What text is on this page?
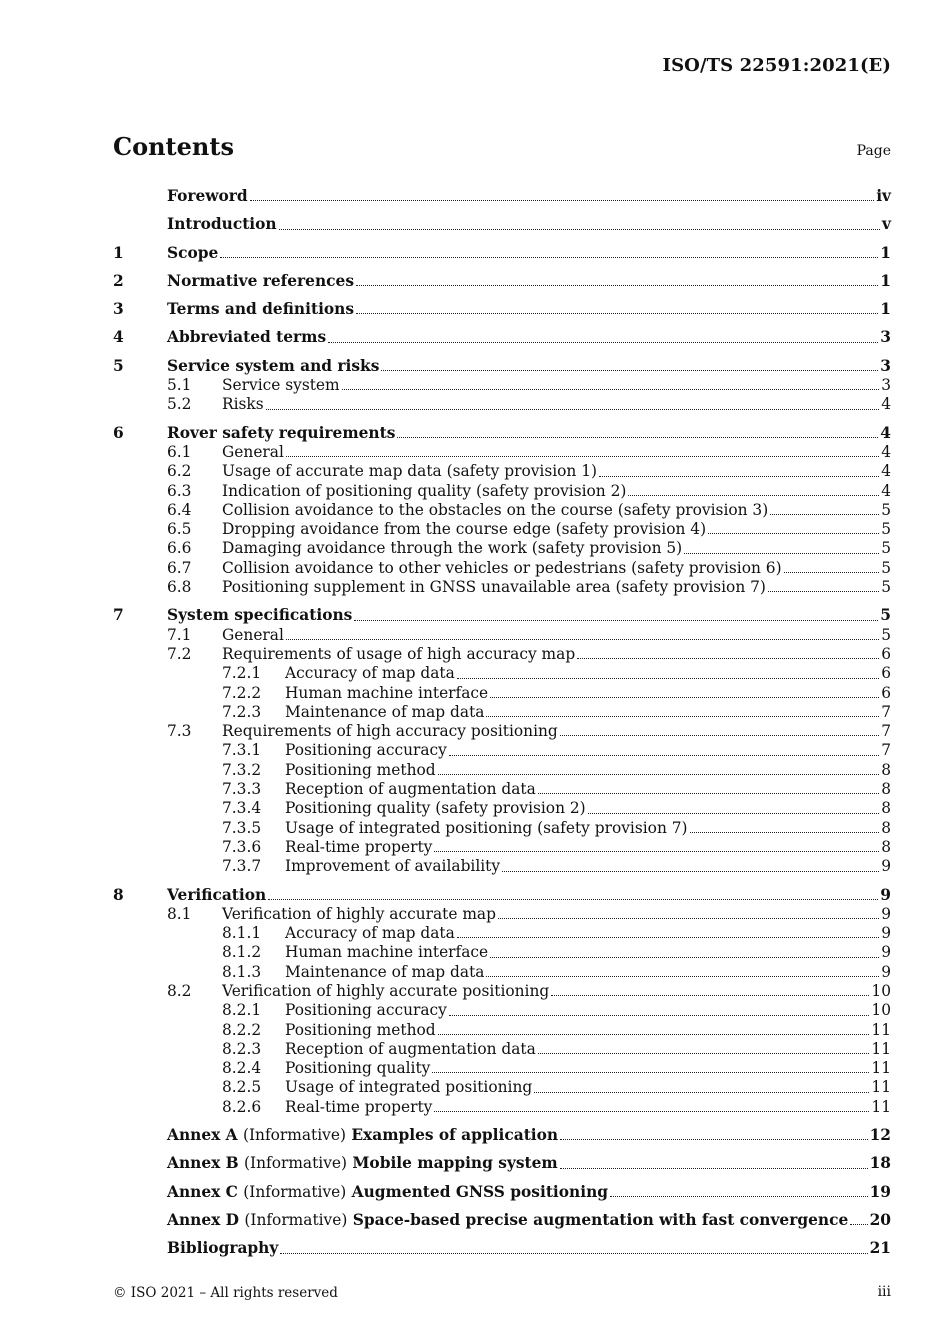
ISO/TS 22591:2021(E)
Contents	Page
Foreword	iv
Introduction	v
1	Scope	1
2	Normative references	1
3	Terms and definitions	1
4	Abbreviated terms	3
5	Service system and risks	3
5.1	Service system	3
5.2	Risks	4
6	Rover safety requirements	4
6.1	General	4
6.2	Usage of accurate map data (safety provision 1)	4
6.3	Indication of positioning quality (safety provision 2)	4
6.4	Collision avoidance to the obstacles on the course (safety provision 3)	5
6.5	Dropping avoidance from the course edge (safety provision 4)	5
6.6	Damaging avoidance through the work (safety provision 5)	5
6.7	Collision avoidance to other vehicles or pedestrians (safety provision 6)	5
6.8	Positioning supplement in GNSS unavailable area (safety provision 7)	5
7	System specifications	5
7.1	General	5
7.2	Requirements of usage of high accuracy map	6
7.2.1	Accuracy of map data	6
7.2.2	Human machine interface	6
7.2.3	Maintenance of map data	7
7.3	Requirements of high accuracy positioning	7
7.3.1	Positioning accuracy	7
7.3.2	Positioning method	8
7.3.3	Reception of augmentation data	8
7.3.4	Positioning quality (safety provision 2)	8
7.3.5	Usage of integrated positioning (safety provision 7)	8
7.3.6	Real-time property	8
7.3.7	Improvement of availability	9
8	Verification	9
8.1	Verification of highly accurate map	9
8.1.1	Accuracy of map data	9
8.1.2	Human machine interface	9
8.1.3	Maintenance of map data	9
8.2	Verification of highly accurate positioning	10
8.2.1	Positioning accuracy	10
8.2.2	Positioning method	11
8.2.3	Reception of augmentation data	11
8.2.4	Positioning quality	11
8.2.5	Usage of integrated positioning	11
8.2.6	Real-time property	11
Annex A (Informative) Examples of application	12
Annex B (Informative) Mobile mapping system	18
Annex C (Informative) Augmented GNSS positioning	19
Annex D (Informative) Space-based precise augmentation with fast convergence 20
Bibliography	21
© ISO 2021 – All rights reserved	iii
